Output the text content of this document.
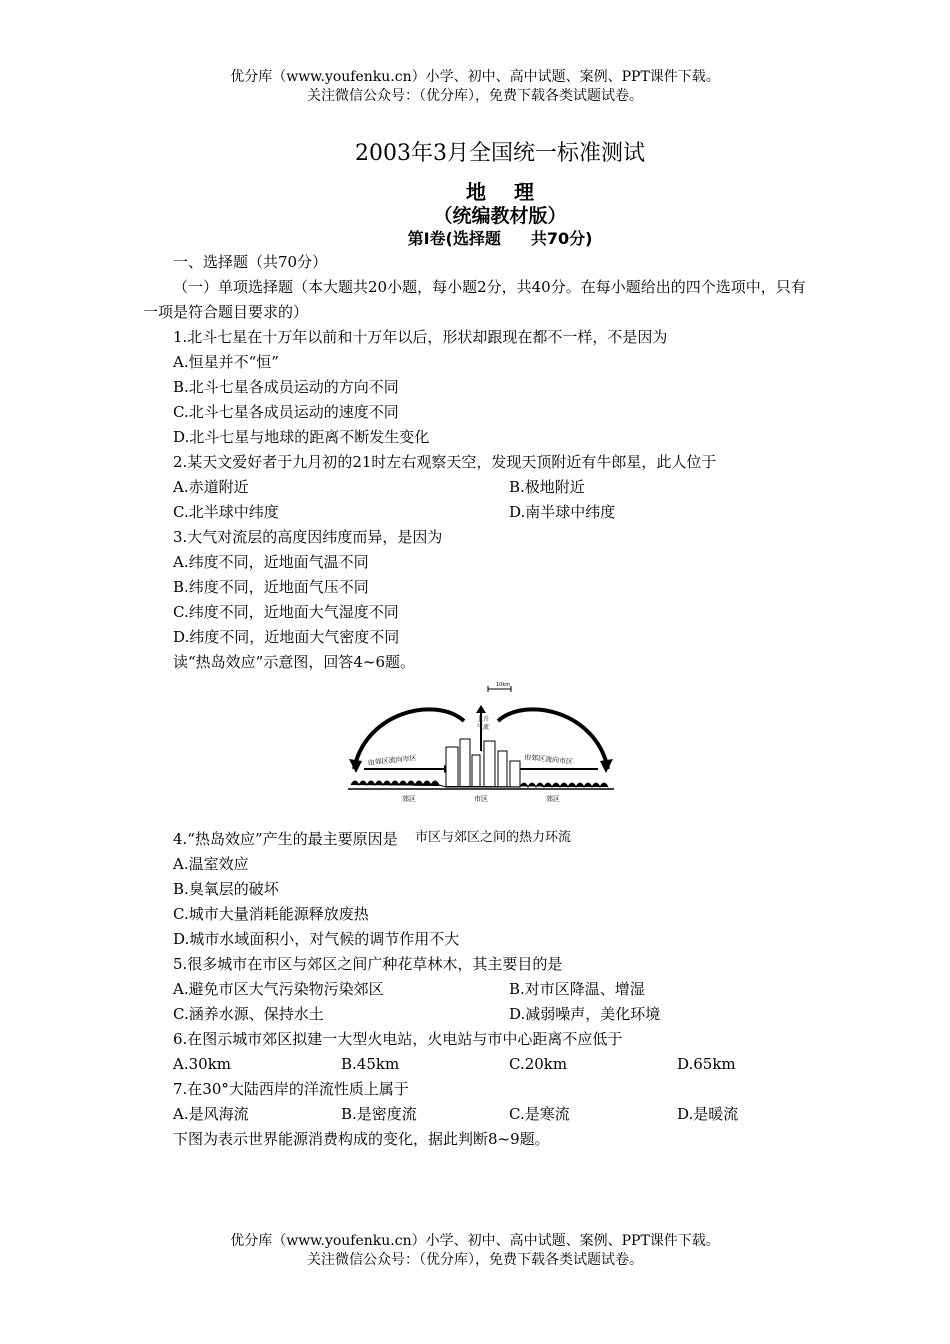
优分库（www.youfenku.cn）小学、初中、高中试题、案例、PPT课件下载。
关注微信公众号：（优分库），免费下载各类试题试卷。
2003年3月全国统一标准测试
地 理
（统编教材版）
第Ⅰ卷(选择题 共70分)
一、选择题（共70分）
（一）单项选择题（本大题共20小题，每小题2分，共40分。在每小题给出的四个选项中，只有一项是符合题目要求的）
1.北斗七星在十万年以前和十万年以后，形状却跟现在都不一样，不是因为
A.恒星并不“恒”
B.北斗七星各成员运动的方向不同
C.北斗七星各成员运动的速度不同
D.北斗七星与地球的距离不断发生变化
2.某天文爱好者于九月初的21时左右观察天空，发现天顶附近有牛郎星，此人位于
A.赤道附近	B.极地附近
C.北半球中纬度	D.南半球中纬度
3.大气对流层的高度因纬度而异，是因为
A.纬度不同，近地面气温不同
B.纬度不同，近地面气压不同
C.纬度不同，近地面大气湿度不同
D.纬度不同，近地面大气密度不同
读“热岛效应”示意图，回答4~6题。
10km
上升
气流
由郊区流向市区	由郊区流向市区
郊区	市区	郊区
市区与郊区之间的热力环流
4.“热岛效应”产生的最主要原因是
A.温室效应
B.臭氧层的破坏
C.城市大量消耗能源释放废热
D.城市水域面积小，对气候的调节作用不大
5.很多城市在市区与郊区之间广种花草林木，其主要目的是
A.避免市区大气污染物污染郊区	B.对市区降温、增湿
C.涵养水源、保持水土	D.减弱噪声，美化环境
6.在图示城市郊区拟建一大型火电站，火电站与市中心距离不应低于
A.30km	B.45km	C.20km	D.65km
7.在30°大陆西岸的洋流性质上属于
A.是风海流	B.是密度流	C.是寒流	D.是暖流
下图为表示世界能源消费构成的变化，据此判断8~9题。
优分库（www.youfenku.cn）小学、初中、高中试题、案例、PPT课件下载。
关注微信公众号：（优分库），免费下载各类试题试卷。
